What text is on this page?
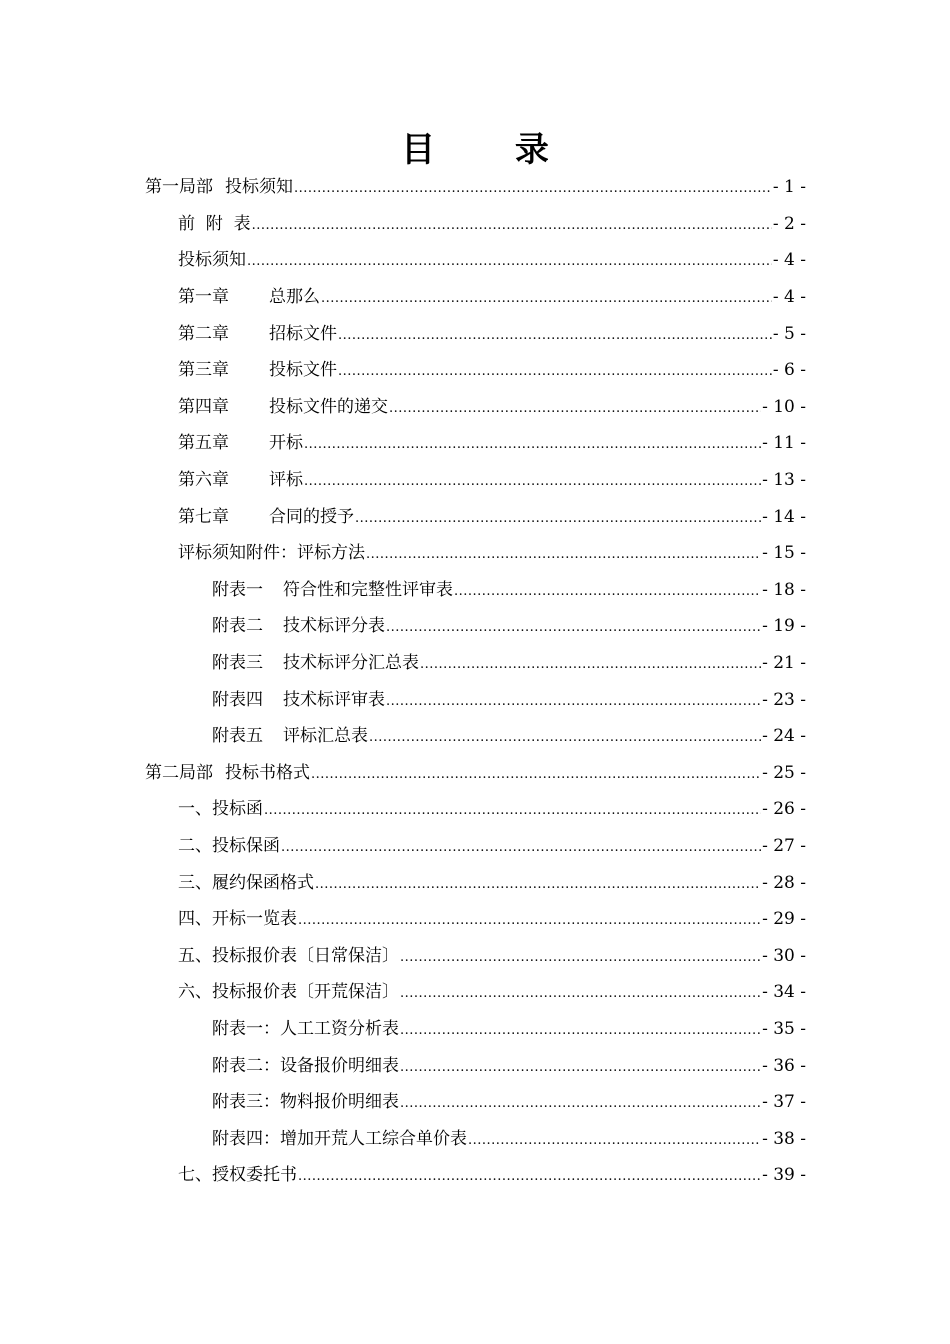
目 录
第一局部 投标须知 .....	- 1 -
前  附  表 .....	- 2 -
投标须知 .....	- 4 -
第一章 总那么 .....	- 4 -
第二章 招标文件 .....	- 5 -
第三章 投标文件 .....	- 6 -
第四章 投标文件的递交 .....	- 10 -
第五章 开标 .....	- 11 -
第六章 评标 .....	- 13 -
第七章 合同的授予 .....	- 14 -
评标须知附件：评标方法 .....	- 15 -
附表一 符合性和完整性评审表 .....	- 18 -
附表二 技术标评分表 .....	- 19 -
附表三 技术标评分汇总表 .....	- 21 -
附表四 技术标评审表 .....	- 23 -
附表五 评标汇总表 .....	- 24 -
第二局部 投标书格式 .....	- 25 -
一、投标函 .....	- 26 -
二、投标保函 .....	- 27 -
三、履约保函格式 .....	- 28 -
四、开标一览表 .....	- 29 -
五、投标报价表〔日常保洁〕 .....	- 30 -
六、投标报价表〔开荒保洁〕 .....	- 34 -
附表一：人工工资分析表 .....	- 35 -
附表二：设备报价明细表 .....	- 36 -
附表三：物料报价明细表 .....	- 37 -
附表四：增加开荒人工综合单价表 .....	- 38 -
七、授权委托书 .....	- 39 -
